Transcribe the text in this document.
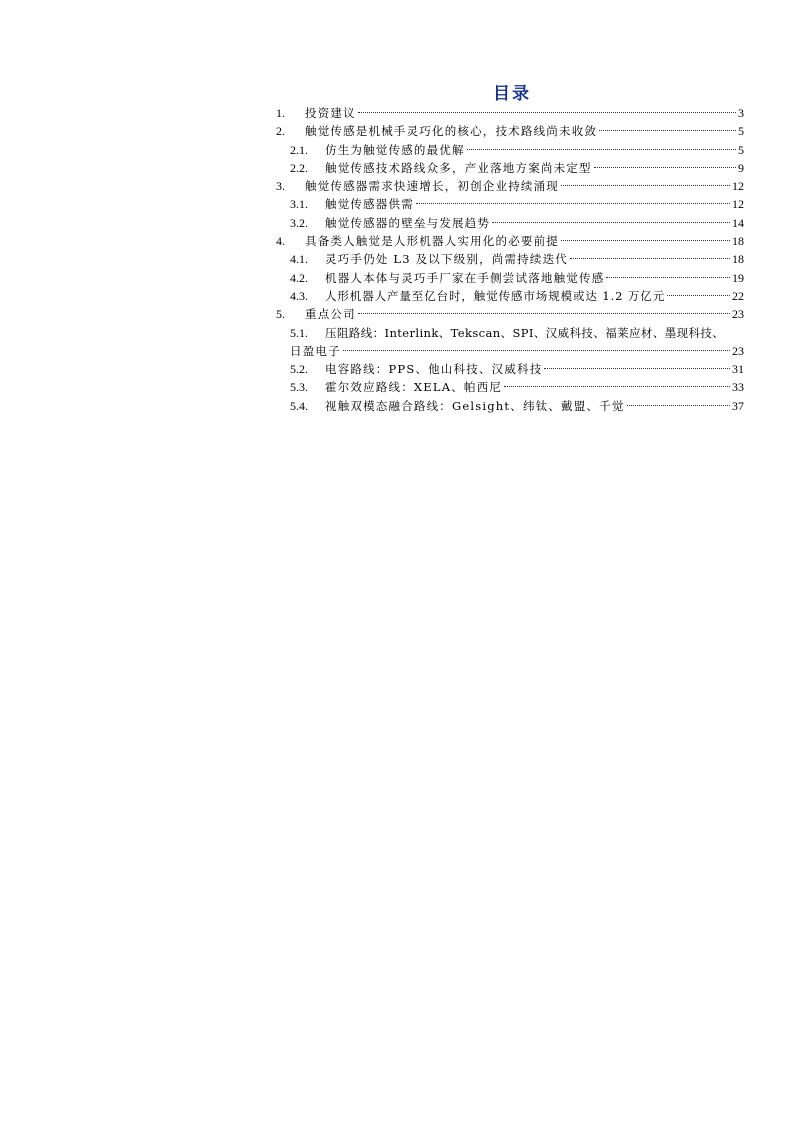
目录
1.	投资建议	3
2.	触觉传感是机械手灵巧化的核心，技术路线尚未收敛	5
2.1.	仿生为触觉传感的最优解	5
2.2.	触觉传感技术路线众多，产业落地方案尚未定型	9
3.	触觉传感器需求快速增长，初创企业持续涌现	12
3.1.	触觉传感器供需	12
3.2.	触觉传感器的壁垒与发展趋势	14
4.	具备类人触觉是人形机器人实用化的必要前提	18
4.1.	灵巧手仍处 L3 及以下级别，尚需持续迭代	18
4.2.	机器人本体与灵巧手厂家在手侧尝试落地触觉传感	19
4.3.	人形机器人产量至亿台时，触觉传感市场规模或达 1.2 万亿元	22
5.	重点公司	23
5.1. 压阻路线：Interlink、Tekscan、SPI、汉威科技、福莱应材、墨现科技、
日盈电子	23
5.2.	电容路线：PPS、他山科技、汉威科技	31
5.3.	霍尔效应路线：XELA、帕西尼	33
5.4.	视触双模态融合路线：Gelsight、纬钛、戴盟、千觉	37
